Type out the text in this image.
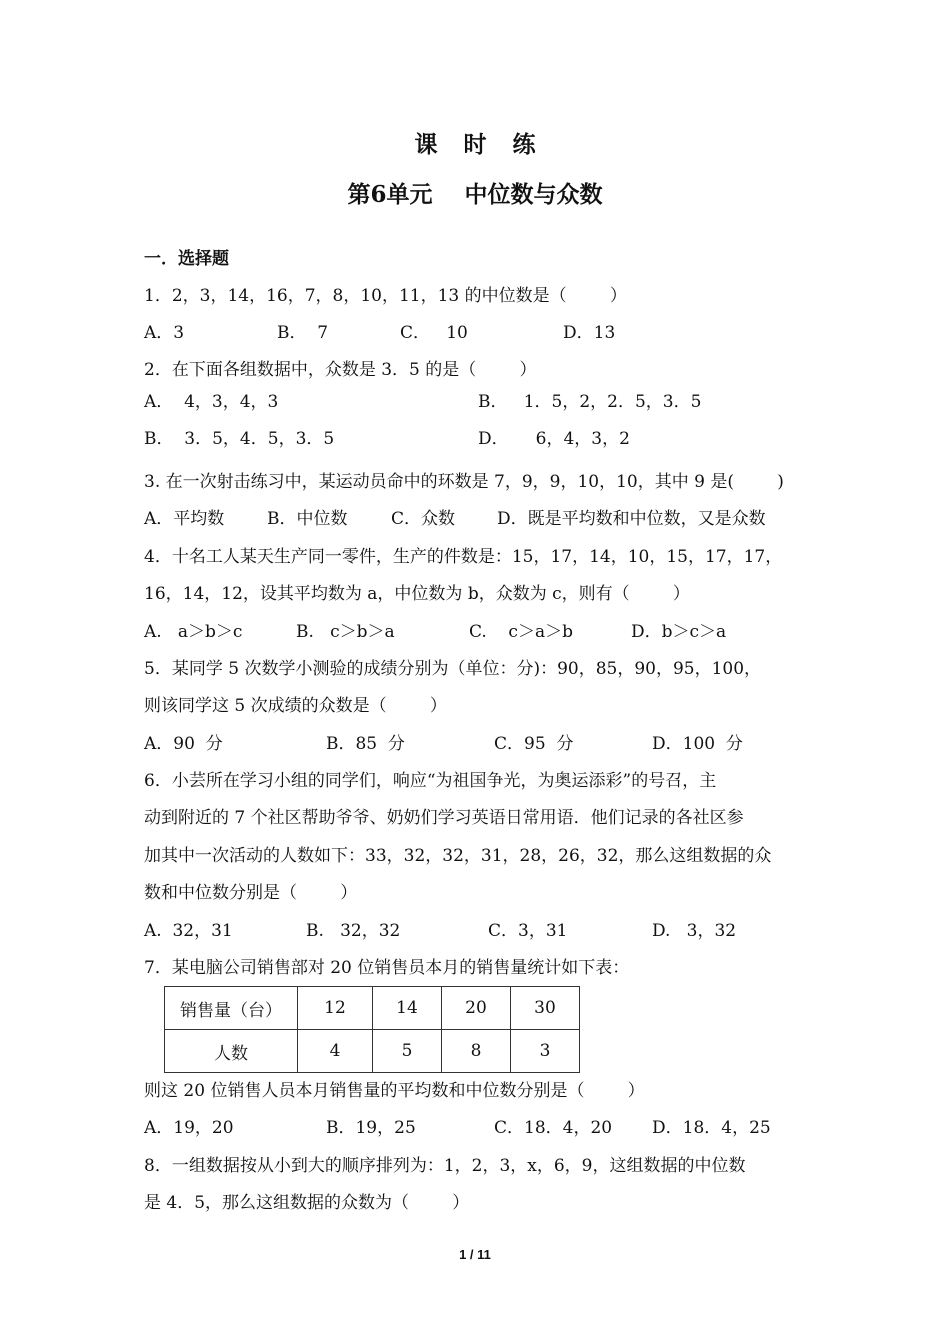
课时练
第6单元    中位数与众数
一．选择题
1．2，3，14，16，7，8，10，11，13 的中位数是（        ）
A．3	B．  7	C．   10	D．13
2．在下面各组数据中，众数是 3．5 的是（        ）
A．  4，3，4，3	B．   1．5，2，2．5，3．5
B．  3．5，4．5，3．5	D．     6，4，3，2
3. 在一次射击练习中，某运动员命中的环数是 7，9，9，10，10，其中 9 是(        )
A．平均数	B．中位数	C．众数 D．既是平均数和中位数，又是众数
4．十名工人某天生产同一零件，生产的件数是：15，17，14，10，15，17，17，
16，14，12，设其平均数为 a，中位数为 b，众数为 c，则有（        ）
A.   a＞b＞c	B.   c＞b＞a	C.    c＞a＞b	D．b＞c＞a
5．某同学 5 次数学小测验的成绩分别为（单位：分)：90，85，90，95，100，
则该同学这 5 次成绩的众数是（        ）
A．90  分	B．85  分	C．95  分	D．100  分
6．小芸所在学习小组的同学们，响应“为祖国争光，为奥运添彩”的号召，主
动到附近的 7 个社区帮助爷爷、奶奶们学习英语日常用语．他们记录的各社区参
加其中一次活动的人数如下：33，32，32，31，28，26，32，那么这组数据的众
数和中位数分别是（        ）
A.  32，31	B.   32，32	C．3，31	D.   3，32
7．某电脑公司销售部对 20 位销售员本月的销售量统计如下表：
销售量（台）	12	14	20	30
人数	4	5	8	3
则这 20 位销售人员本月销售量的平均数和中位数分别是（        ）
A．19，20	B．19，25	C．18．4，20 D．18．4，25
8．一组数据按从小到大的顺序排列为：1，2，3，x，6，9，这组数据的中位数
是 4．5，那么这组数据的众数为（        ）
1 / 11
